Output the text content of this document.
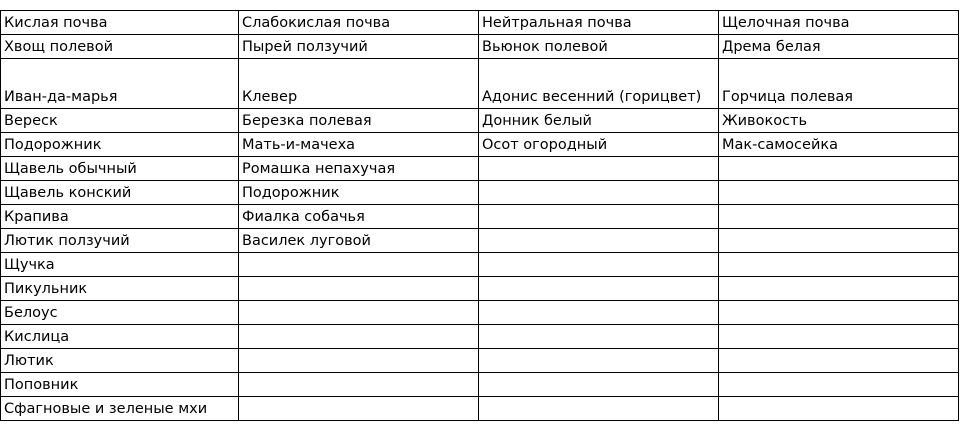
Кислая почва	Слабокислая почва	Нейтральная почва	Щелочная почва
Хвощ полевой	Пырей ползучий	Вьюнок полевой	Дрема белая
Иван-да-марья	Клевер	Адонис весенний (горицвет)	Горчица полевая
Вереск	Березка полевая	Донник белый	Живокость
Подорожник	Мать-и-мачеха	Осот огородный	Мак-самосейка
Щавель обычный	Ромашка непахучая		
Щавель конский	Подорожник		
Крапива	Фиалка собачья		
Лютик ползучий	Василек луговой		
Щучка			
Пикульник			
Белоус			
Кислица			
Лютик			
Поповник			
Сфагновые и зеленые мхи			
